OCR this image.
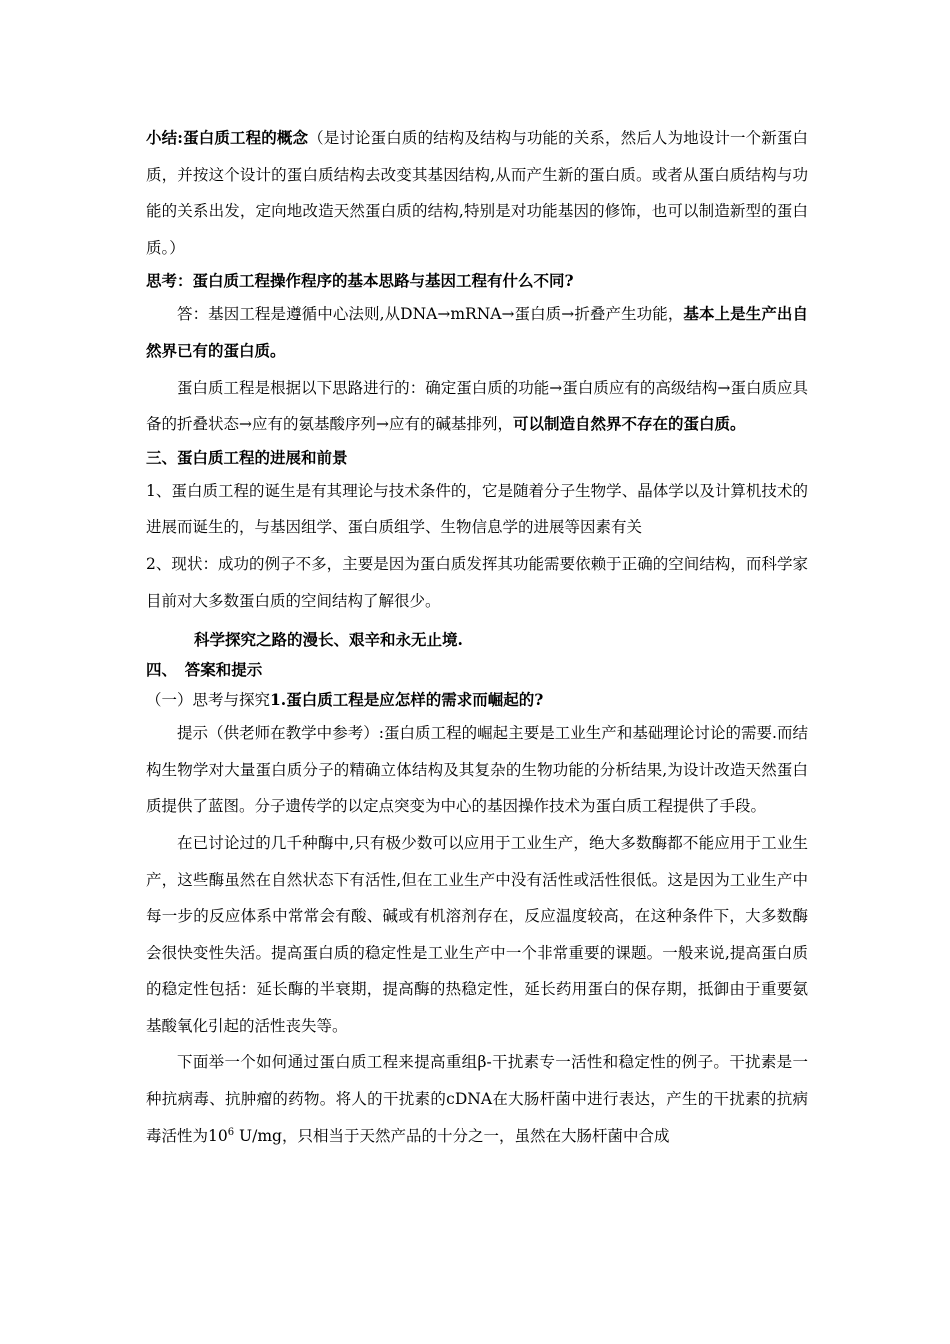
小结:蛋白质工程的概念（是讨论蛋白质的结构及结构与功能的关系，然后人为地设计一个新蛋白质，并按这个设计的蛋白质结构去改变其基因结构,从而产生新的蛋白质。或者从蛋白质结构与功能的关系出发，定向地改造天然蛋白质的结构,特别是对功能基因的修饰，也可以制造新型的蛋白质。）

思考：蛋白质工程操作程序的基本思路与基因工程有什么不同?

答：基因工程是遵循中心法则,从DNA→mRNA→蛋白质→折叠产生功能，基本上是生产出自然界已有的蛋白质。

蛋白质工程是根据以下思路进行的：确定蛋白质的功能→蛋白质应有的高级结构→蛋白质应具备的折叠状态→应有的氨基酸序列→应有的碱基排列，可以制造自然界不存在的蛋白质。

三、蛋白质工程的进展和前景

1、蛋白质工程的诞生是有其理论与技术条件的，它是随着分子生物学、晶体学以及计算机技术的进展而诞生的，与基因组学、蛋白质组学、生物信息学的进展等因素有关

2、现状：成功的例子不多，主要是因为蛋白质发挥其功能需要依赖于正确的空间结构，而科学家目前对大多数蛋白质的空间结构了解很少。

科学探究之路的漫长、艰辛和永无止境.

四、　答案和提示

（一）思考与探究1.蛋白质工程是应怎样的需求而崛起的?

提示（供老师在教学中参考）:蛋白质工程的崛起主要是工业生产和基础理论讨论的需要.而结构生物学对大量蛋白质分子的精确立体结构及其复杂的生物功能的分析结果,为设计改造天然蛋白质提供了蓝图。分子遗传学的以定点突变为中心的基因操作技术为蛋白质工程提供了手段。

在已讨论过的几千种酶中,只有极少数可以应用于工业生产，绝大多数酶都不能应用于工业生产，这些酶虽然在自然状态下有活性,但在工业生产中没有活性或活性很低。这是因为工业生产中每一步的反应体系中常常会有酸、碱或有机溶剂存在，反应温度较高，在这种条件下，大多数酶会很快变性失活。提高蛋白质的稳定性是工业生产中一个非常重要的课题。一般来说,提高蛋白质的稳定性包括：延长酶的半衰期，提高酶的热稳定性，延长药用蛋白的保存期，抵御由于重要氨基酸氧化引起的活性丧失等。

下面举一个如何通过蛋白质工程来提高重组β-干扰素专一活性和稳定性的例子。干扰素是一种抗病毒、抗肿瘤的药物。将人的干扰素的cDNA在大肠杆菌中进行表达，产生的干扰素的抗病毒活性为$10^6$ U/mg，只相当于天然产品的十分之一，虽然在大肠杆菌中合成
